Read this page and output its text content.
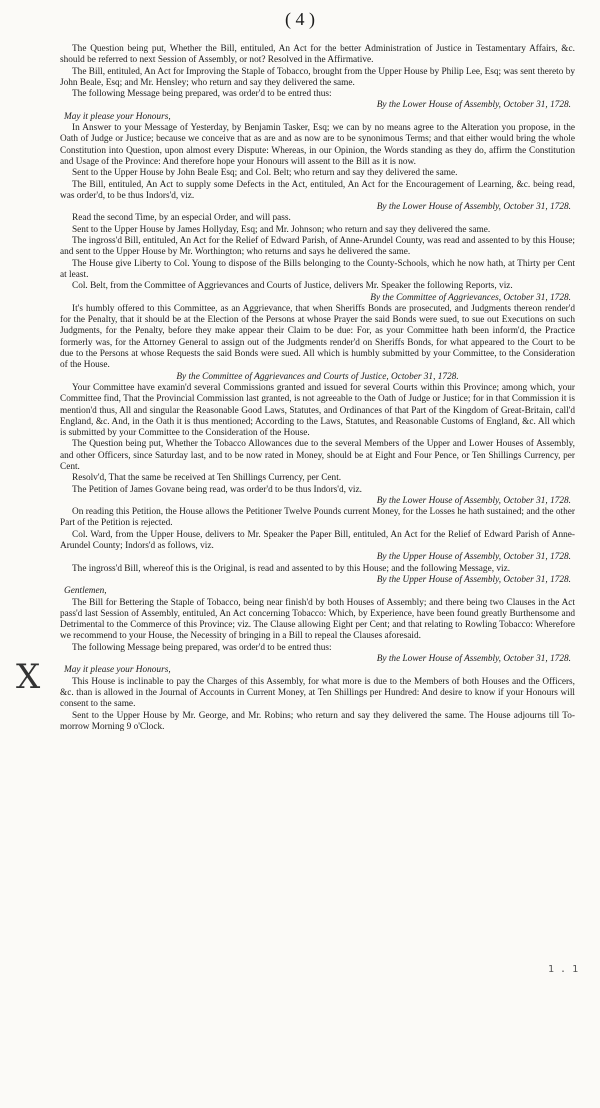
( 4 )

The Question being put, Whether the Bill, entituled, An Act for the better Administration of Justice in Testamentary Affairs, &c. should be referred to next Session of Assembly, or not? Resolved in the Affirmative.

The Bill, entituled, An Act for Improving the Staple of Tobacco, brought from the Upper House by Philip Lee, Esq; was sent thereto by John Beale, Esq; and Mr. Hensley; who return and say they delivered the same.

The following Message being prepared, was order'd to be entred thus:

By the Lower House of Assembly, October 31, 1728.

May it please your Honours,

In Answer to your Message of Yesterday, by Benjamin Tasker, Esq; we can by no means agree to the Alteration you propose, in the Oath of Judge or Justice; because we conceive that as are and as now are to be synonimous Terms; and that either would bring the whole Constitution into Question, upon almost every Dispute: Whereas, in our Opinion, the Words standing as they do, affirm the Constitution and Usage of the Province: And therefore hope your Honours will assent to the Bill as it is now.

Sent to the Upper House by John Beale Esq; and Col. Belt; who return and say they delivered the same.

The Bill, entituled, An Act to supply some Defects in the Act, entituled, An Act for the Encouragement of Learning, &c. being read, was order'd, to be thus Indors'd, viz.

By the Lower House of Assembly, October 31, 1728.

Read the second Time, by an especial Order, and will pass.

Sent to the Upper House by James Hollyday, Esq; and Mr. Johnson; who return and say they delivered the same.

The ingross'd Bill, entituled, An Act for the Relief of Edward Parish, of Anne-Arundel County, was read and assented to by this House; and sent to the Upper House by Mr. Worthington; who returns and says he delivered the same.

The House give Liberty to Col. Young to dispose of the Bills belonging to the County-Schools, which he now hath, at Thirty per Cent at least.

Col. Belt, from the Committee of Aggrievances and Courts of Justice, delivers Mr. Speaker the following Reports, viz.

By the Committee of Aggrievances, October 31, 1728.

It's humbly offered to this Committee, as an Aggrievance, that when Sheriffs Bonds are prosecuted, and Judgments thereon render'd for the Penalty, that it should be at the Election of the Persons at whose Prayer the said Bonds were sued, to sue out Executions on such Judgments, for the Penalty, before they make appear their Claim to be due: For, as your Committee hath been inform'd, the Practice formerly was, for the Attorney General to assign out of the Judgments render'd on Sheriffs Bonds, for what appeared to the Court to be due to the Persons at whose Requests the said Bonds were sued. All which is humbly submitted by your Committee, to the Consideration of the House.

By the Committee of Aggrievances and Courts of Justice, October 31, 1728.

Your Committee have examin'd several Commissions granted and issued for several Courts within this Province; among which, your Committee find, That the Provincial Commission last granted, is not agreeable to the Oath of Judge or Justice; for in that Commission it is mention'd thus, All and singular the Reasonable Good Laws, Statutes, and Ordinances of that Part of the Kingdom of Great-Britain, call'd England, &c. And, in the Oath it is thus mentioned; According to the Laws, Statutes, and Reasonable Customs of England, &c. All which is submitted by your Committee to the Consideration of the House.

The Question being put, Whether the Tobacco Allowances due to the several Members of the Upper and Lower Houses of Assembly, and other Officers, since Saturday last, and to be now rated in Money, should be at Eight and Four Pence, or Ten Shillings Currency, per Cent.

Resolv'd, That the same be received at Ten Shillings Currency, per Cent.

The Petition of James Govane being read, was order'd to be thus Indors'd, viz.

By the Lower House of Assembly, October 31, 1728.

On reading this Petition, the House allows the Petitioner Twelve Pounds current Money, for the Losses he hath sustained; and the other Part of the Petition is rejected.

Col. Ward, from the Upper House, delivers to Mr. Speaker the Paper Bill, entituled, An Act for the Relief of Edward Parish of Anne-Arundel County; Indors'd as follows, viz.

By the Upper House of Assembly, October 31, 1728.

The ingross'd Bill, whereof this is the Original, is read and assented to by this House; and the following Message, viz.

By the Upper House of Assembly, October 31, 1728.

Gentlemen,

The Bill for Bettering the Staple of Tobacco, being near finish'd by both Houses of Assembly; and there being two Clauses in the Act pass'd last Session of Assembly, entituled, An Act concerning Tobacco: Which, by Experience, have been found greatly Burthensome and Detrimental to the Commerce of this Province; viz. The Clause allowing Eight per Cent; and that relating to Rowling Tobacco: Wherefore we recommend to your House, the Necessity of bringing in a Bill to repeal the Clauses aforesaid.

The following Message being prepared, was order'd to be entred thus:

By the Lower House of Assembly, October 31, 1728.

May it please your Honours,

This House is inclinable to pay the Charges of this Assembly, for what more is due to the Members of both Houses and the Officers, &c. than is allowed in the Journal of Accounts in Current Money, at Ten Shillings per Hundred: And desire to know if your Honours will consent to the same.

Sent to the Upper House by Mr. George, and Mr. Robins; who return and say they delivered the same. The House adjourns till To-morrow Morning 9 o'Clock.

X
1 . 1
